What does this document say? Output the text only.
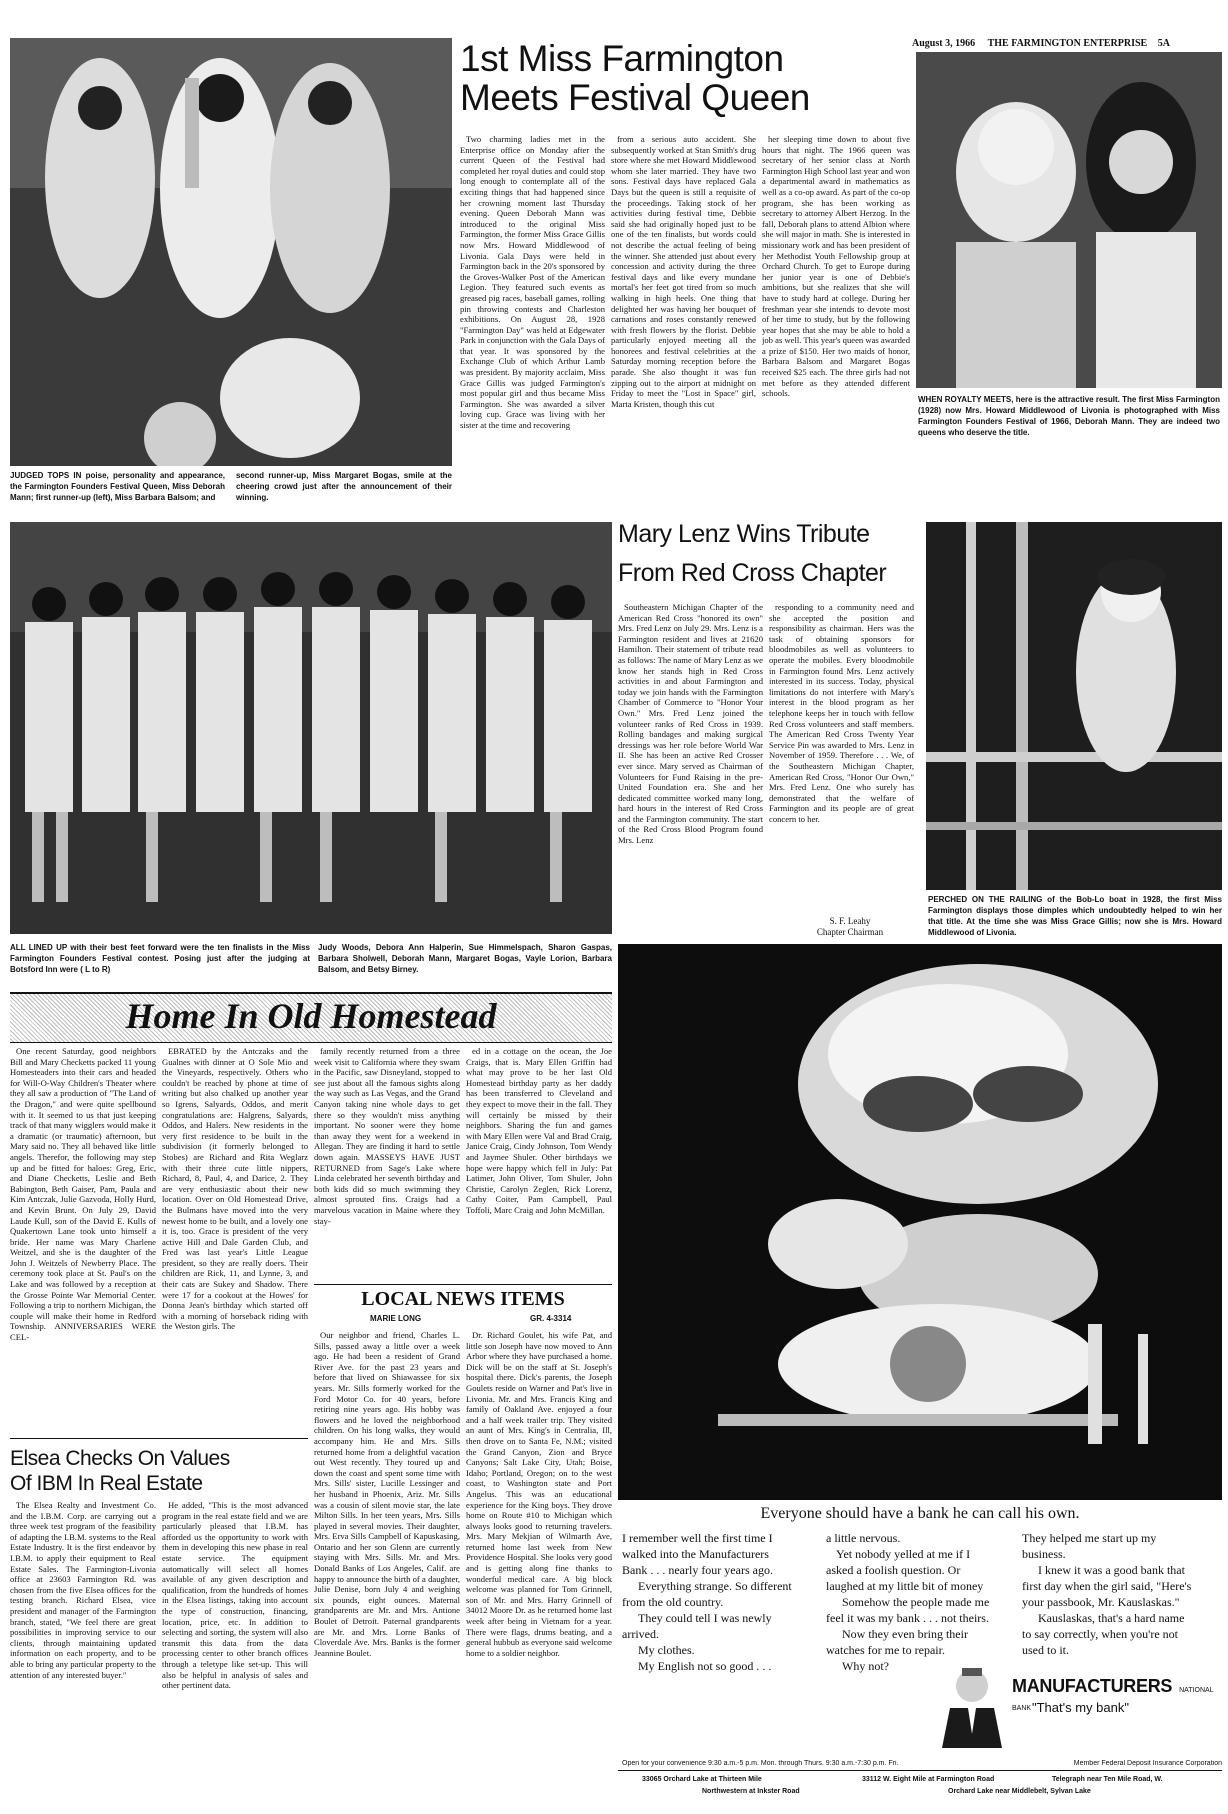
August 3, 1966 THE FARMINGTON ENTERPRISE 5A
JUDGED TOPS IN poise, personality and appearance, the Farmington Founders Festival Queen, Miss Deborah Mann; first runner-up (left), Miss Barbara Balsom; and
second runner-up, Miss Margaret Bogas, smile at the cheering crowd just after the announcement of their winning.
1st Miss Farmington
Meets Festival Queen

Two charming ladies met in the Enterprise office on Monday after the current Queen of the Festival had completed her royal duties and could stop long enough to contemplate all of the exciting things that had happened since her crowning moment last Thursday evening. Queen Deborah Mann was introduced to the original Miss Farmington, the former Miss Grace Gillis now Mrs. Howard Middlewood of Livonia. Gala Days were held in Farmington back in the 20's sponsored by the Groves-Walker Post of the American Legion. They featured such events as greased pig races, baseball games, rolling pin throwing contests and Charleston exhibitions. On August 28, 1928 "Farmington Day" was held at Edgewater Park in conjunction with the Gala Days of that year. It was sponsored by the Exchange Club of which Arthur Lamb was president. By majority acclaim, Miss Grace Gillis was judged Farmington's most popular girl and thus became Miss Farmington. She was awarded a silver loving cup. Grace was living with her sister at the time and recovering

from a serious auto accident. She subsequently worked at Stan Smith's drug store where she met Howard Middlewood whom she later married. They have two sons. Festival days have replaced Gala Days but the queen is still a requisite of the proceedings. Taking stock of her activities during festival time, Debbie said she had originally hoped just to be one of the ten finalists, but words could not describe the actual feeling of being the winner. She attended just about every concession and activity during the three festival days and like every mundane mortal's her feet got tired from so much walking in high heels. One thing that delighted her was having her bouquet of carnations and roses constantly renewed with fresh flowers by the florist. Debbie particularly enjoyed meeting all the honorees and festival celebrities at the Saturday morning reception before the parade. She also thought it was fun zipping out to the airport at midnight on Friday to meet the "Lost in Space" girl, Marta Kristen, though this cut

her sleeping time down to about five hours that night. The 1966 queen was secretary of her senior class at North Farmington High School last year and won a departmental award in mathematics as well as a co-op award. As part of the co-op program, she has been working as secretary to attorney Albert Herzog. In the fall, Deborah plans to attend Albion where she will major in math. She is interested in missionary work and has been president of her Methodist Youth Fellowship group at Orchard Church. To get to Europe during her junior year is one of Debbie's ambitions, but she realizes that she will have to study hard at college. During her freshman year she intends to devote most of her time to study, but by the following year hopes that she may be able to hold a job as well. This year's queen was awarded a prize of $150. Her two maids of honor, Barbara Balsom and Margaret Bogas received $25 each. The three girls had not met before as they attended different schools.

WHEN ROYALTY MEETS, here is the attractive result. The first Miss Farmington (1928) now Mrs. Howard Middlewood of Livonia is photographed with Miss Farmington Founders Festival of 1966, Deborah Mann. They are indeed two queens who deserve the title.
ALL LINED UP with their best feet forward were the ten finalists in the Miss Farmington Founders Festival contest. Posing just after the judging at Botsford Inn were ( L to R)
Judy Woods, Debora Ann Halperin, Sue Himmelspach, Sharon Gaspas, Barbara Sholwell, Deborah Mann, Margaret Bogas, Vayle Lorion, Barbara Balsom, and Betsy Birney.
Mary Lenz Wins Tribute
From Red Cross Chapter

Southeastern Michigan Chapter of the American Red Cross "honored its own" Mrs. Fred Lenz on July 29. Mrs. Lenz is a Farmington resident and lives at 21620 Hamilton. Their statement of tribute read as follows: The name of Mary Lenz as we know her stands high in Red Cross activities in and about Farmington and today we join hands with the Farmington Chamber of Commerce to "Honor Your Own." Mrs. Fred Lenz joined the volunteer ranks of Red Cross in 1939. Rolling bandages and making surgical dressings was her role before World War II. She has been an active Red Crosser ever since. Mary served as Chairman of Volunteers for Fund Raising in the pre-United Foundation era. She and her dedicated committee worked many long, hard hours in the interest of Red Cross and the Farmington community. The start of the Red Cross Blood Program found Mrs. Lenz

responding to a community need and she accepted the position and responsibility as chairman. Hers was the task of obtaining sponsors for bloodmobiles as well as volunteers to operate the mobiles. Every bloodmobile in Farmington found Mrs. Lenz actively interested in its success. Today, physical limitations do not interfere with Mary's interest in the blood program as her telephone keeps her in touch with fellow Red Cross volunteers and staff members. The American Red Cross Twenty Year Service Pin was awarded to Mrs. Lenz in November of 1959. Therefore . . . We, of the Southeastern Michigan Chapter, American Red Cross, "Honor Our Own," Mrs. Fred Lenz. One who surely has demonstrated that the welfare of Farmington and its people are of great concern to her.

S. F. Leahy
Chapter Chairman
PERCHED ON THE RAILING of the Bob-Lo boat in 1928, the first Miss Farmington displays those dimples which undoubtedly helped to win her that title. At the time she was Miss Grace Gillis; now she is Mrs. Howard Middlewood of Livonia.
Home In Old Homestead

One recent Saturday, good neighbors Bill and Mary Checketts packed 11 young Homesteaders into their cars and headed for Will-O-Way Children's Theater where they all saw a production of "The Land of the Dragon," and were quite spellbound with it. It seemed to us that just keeping track of that many wigglers would make it a dramatic (or traumatic) afternoon, but Mary said no. They all behaved like little angels. Therefor, the following may step up and be fitted for haloes: Greg, Eric, and Diane Checketts, Leslie and Beth Babington, Beth Gaiser, Pam, Paula and Kim Antczak, Julie Gazvoda, Holly Hurd, and Kevin Brunt. On July 29, David Laude Kull, son of the David E. Kulls of Quakertown Lane took unto himself a bride. Her name was Mary Charlene Weitzel, and she is the daughter of the John J. Weitzels of Newberry Place. The ceremony took place at St. Paul's on the Lake and was followed by a reception at the Grosse Pointe War Memorial Center. Following a trip to northern Michigan, the couple will make their home in Redford Township. ANNIVERSARIES WERE CEL-

EBRATED by the Antczaks and the Gualnes with dinner at O Sole Mio and the Vineyards, respectively. Others who couldn't be reached by phone at time of writing but also chalked up another year so Igrens, Salyards, Oddos, and merit congratulations are: Halgrens, Salyards, Oddos, and Halers. New residents in the very first residence to be built in the subdivision (it formerly belonged to Stobes) are Richard and Rita Weglarz with their three cute little nippers, Richard, 8, Paul, 4, and Darice, 2. They are very enthusiastic about their new location. Over on Old Homestead Drive, the Bulmans have moved into the very newest home to be built, and a lovely one it is, too. Grace is president of the very active Hill and Dale Garden Club, and Fred was last year's Little League president, so they are really doers. Their children are Rick, 11, and Lynne, 3, and their cats are Sukey and Shadow. There were 17 for a cookout at the Howes' for Donna Jean's birthday which started off with a morning of horseback riding with the Weston girls. The

family recently returned from a three week visit to California where they swam in the Pacific, saw Disneyland, stopped to see just about all the famous sights along the way such as Las Vegas, and the Grand Canyon taking nine whole days to get there so they wouldn't miss anything important. No sooner were they home than away they went for a weekend in Allegan. They are finding it hard to settle down again. MASSEYS HAVE JUST RETURNED from Sage's Lake where Linda celebrated her seventh birthday and both kids did so much swimming they almost sprouted fins. Craigs had a marvelous vacation in Maine where they stay-

ed in a cottage on the ocean, the Joe Craigs, that is. Mary Ellen Griffin had what may prove to be her last Old Homestead birthday party as her daddy has been transferred to Cleveland and they expect to move their in the fall. They will certainly be missed by their neighbors. Sharing the fun and games with Mary Ellen were Val and Brad Craig, Janice Craig, Cindy Johnson, Tom Wendy and Jaymee Shuler. Other birthdays we hope were happy which fell in July: Pat Latimer, John Oliver, Tom Shuler, John Christie, Carolyn Zeglen, Rick Lorenz, Cathy Coiter, Pam Campbell, Paul Toffoli, Marc Craig and John McMillan.

LOCAL NEWS ITEMS
MARIE LONG	GR. 4-3314

Our neighbor and friend, Charles L. Sills, passed away a little over a week ago. He had been a resident of Grand River Ave. for the past 23 years and before that lived on Shiawassee for six years. Mr. Sills formerly worked for the Ford Motor Co. for 40 years, before retiring nine years ago. His hobby was flowers and he loved the neighborhood children. On his long walks, they would accompany him. He and Mrs. Sills returned home from a delightful vacation out West recently. They toured up and down the coast and spent some time with Mrs. Sills' sister, Lucille Lessinger and her husband in Phoenix, Ariz. Mr. Sills was a cousin of silent movie star, the late Milton Sills. In her teen years, Mrs. Sills played in several movies. Their daughter, Mrs. Erva Sills Campbell of Kapuskasing, Ontario and her son Glenn are currently staying with Mrs. Sills. Mr. and Mrs. Donald Banks of Los Angeles, Calif. are happy to announce the birth of a daughter, Julie Denise, born July 4 and weighing six pounds, eight ounces. Maternal grandparents are Mr. and Mrs. Antione Boulet of Detroit. Paternal grandparents are Mr. and Mrs. Lorne Banks of Cloverdale Ave. Mrs. Banks is the former Jeannine Boulet.

Dr. Richard Goulet, his wife Pat, and little son Joseph have now moved to Ann Arbor where they have purchased a home. Dick will be on the staff at St. Joseph's hospital there. Dick's parents, the Joseph Goulets reside on Warner and Pat's live in Livonia. Mr. and Mrs. Francis King and family of Oakland Ave. enjoyed a four and a half week trailer trip. They visited an aunt of Mrs. King's in Centralia, Ill, then drove on to Santa Fe, N.M.; visited the Grand Canyon, Zion and Bryce Canyons; Salt Lake City, Utah; Boise, Idaho; Portland, Oregon; on to the west coast, to Washington state and Port Angelus. This was an educational experience for the King boys. They drove home on Route #10 to Michigan which always looks good to returning travelers. Mrs. Mary Mekjian of Wilmarth Ave, returned home last week from New Providence Hospital. She looks very good and is getting along fine thanks to wonderful medical care. A big block welcome was planned for Tom Grinnell, son of Mr. and Mrs. Harry Grinnell of 34012 Moore Dr. as he returned home last week after being in Vietnam for a year. There were flags, drums beating, and a general hubbub as everyone said welcome home to a soldier neighbor.

Elsea Checks On Values
Of IBM In Real Estate

The Elsea Realty and Investment Co. and the I.B.M. Corp. are carrying out a three week test program of the feasibility of adapting the I.B.M. systems to the Real Estate Industry. It is the first endeavor by I.B.M. to apply their equipment to Real Estate Sales. The Farmington-Livonia office at 23603 Farmington Rd. was chosen from the five Elsea offices for the testing branch. Richard Elsea, vice president and manager of the Farmington branch, stated, "We feel there are great possibilities in improving service to our clients, through maintaining updated information on each property, and to be able to bring any particular property to the attention of any interested buyer."

He added, "This is the most advanced program in the real estate field and we are particularly pleased that I.B.M. has afforded us the opportunity to work with them in developing this new phase in real estate service. The equipment automatically will select all homes available of any given description and qualification, from the hundreds of homes in the Elsea listings, taking into account the type of construction, financing, location, price, etc. In addition to selecting and sorting, the system will also transmit this data from the data processing center to other branch offices through a teletype like set-up. This will also be helpful in analysis of sales and other pertinent data.

Everyone should have a bank he can call his own.

I remember well the first time I

walked into the Manufacturers

Bank . . . nearly four years ago.

Everything strange. So different

from the old country.

They could tell I was newly

arrived.

My clothes.

My English not so good . . .

a little nervous.

Yet nobody yelled at me if I

asked a foolish question. Or

laughed at my little bit of money

Somehow the people made me

feel it was my bank . . . not theirs.

Now they even bring their

watches for me to repair.

Why not?

They helped me start up my

business.

I knew it was a good bank that

first day when the girl said, "Here's

your passbook, Mr. Kauslaskas."

Kauslaskas, that's a hard name

to say correctly, when you're not

used to it.

MANUFACTURERS NATIONAL BANK "That's my bank"
Open for your convenience 9:30 a.m.-5 p.m. Mon. through Thurs. 9:30 a.m.-7:30 p.m. Fri.	Member Federal Deposit Insurance Corporation
33065 Orchard Lake at Thirteen Mile
Northwestern at Inkster Road
33112 W. Eight Mile at Farmington Road
Orchard Lake near Middlebelt, Sylvan Lake
Telegraph near Ten Mile Road, W.
